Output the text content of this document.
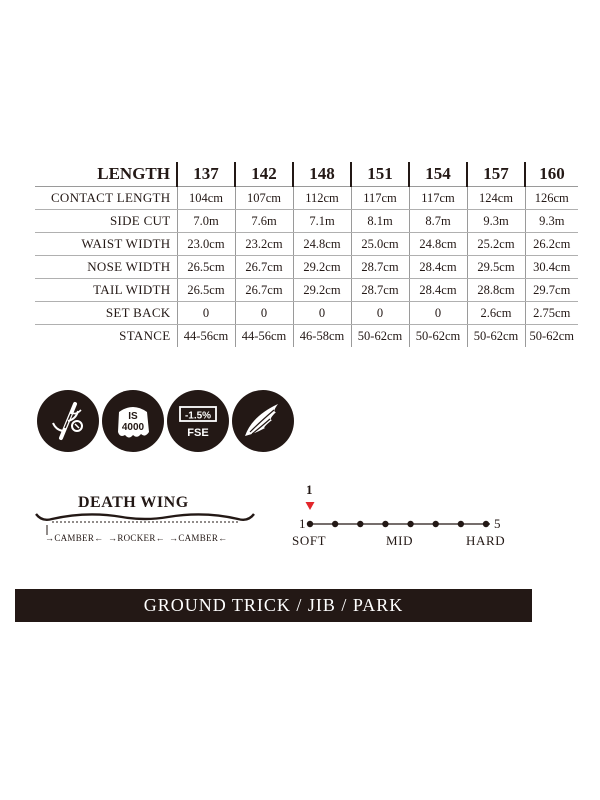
LENGTH	137	142	148	151	154	157	160
CONTACT LENGTH	104cm	107cm	112cm	117cm	117cm	124cm	126cm
SIDE CUT	7.0m	7.6m	7.1m	8.1m	8.7m	9.3m	9.3m
WAIST WIDTH	23.0cm	23.2cm	24.8cm	25.0cm	24.8cm	25.2cm	26.2cm
NOSE WIDTH	26.5cm	26.7cm	29.2cm	28.7cm	28.4cm	29.5cm	30.4cm
TAIL WIDTH	26.5cm	26.7cm	29.2cm	28.7cm	28.4cm	28.8cm	29.7cm
SET BACK	0	0	0	0	0	2.6cm	2.75cm
STANCE	44-56cm	44-56cm	46-58cm	50-62cm	50-62cm	50-62cm	50-62cm
IS
4000
-1.5%
FSE
DEATH WING
→CAMBER← →ROCKER← →CAMBER←
1
1	5
SOFT	MID	HARD
GROUND TRICK / JIB / PARK
